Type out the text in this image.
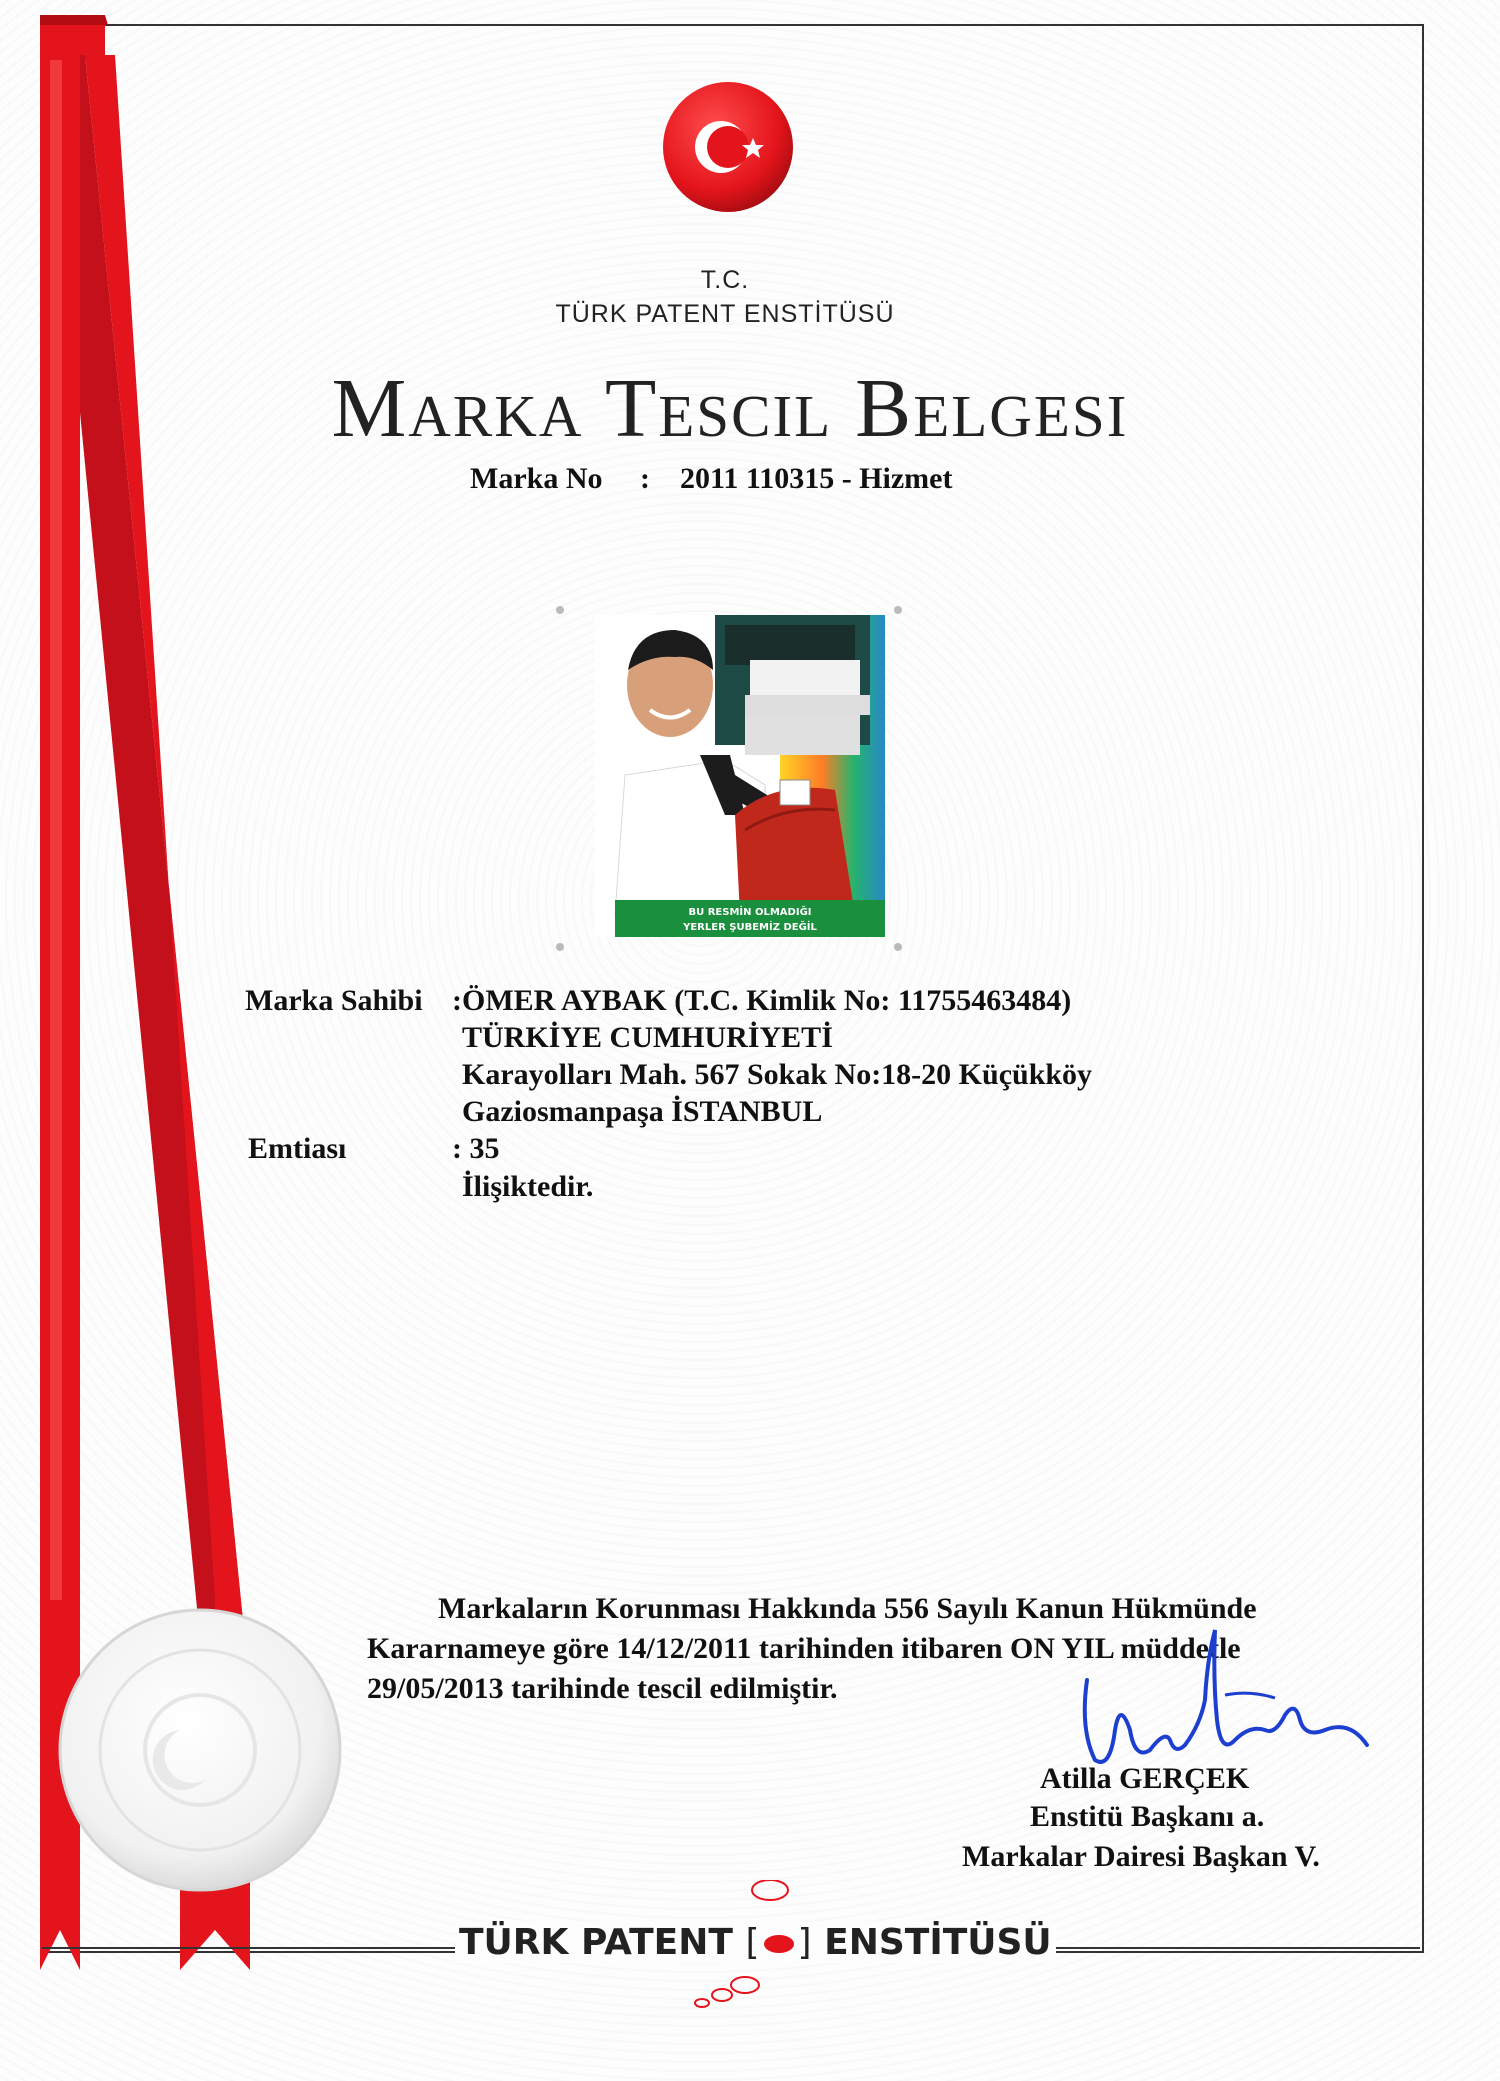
T.C.
TÜRK PATENT ENSTİTÜSÜ
Marka Tescil Belgesi
Marka No : 2011 110315 - Hizmet
BU RESMİN OLMADIĞI
YERLER ŞUBEMİZ DEĞİL
Marka Sahibi :ÖMER AYBAK (T.C. Kimlik No: 11755463484)
TÜRKİYE CUMHURİYETİ
Karayolları Mah. 567 Sokak No:18-20 Küçükköy
Gaziosmanpaşa İSTANBUL
Emtiası	: 35
İlişiktedir.
Markaların Korunması Hakkında 556 Sayılı Kanun Hükmünde
Kararnameye göre 14/12/2011 tarihinden itibaren ON YIL müddetle
29/05/2013 tarihinde tescil edilmiştir.
Atilla GERÇEK
Enstitü Başkanı a.
Markalar Dairesi Başkan V.
TÜRK PATENT [ ] ENSTİTÜSÜ
